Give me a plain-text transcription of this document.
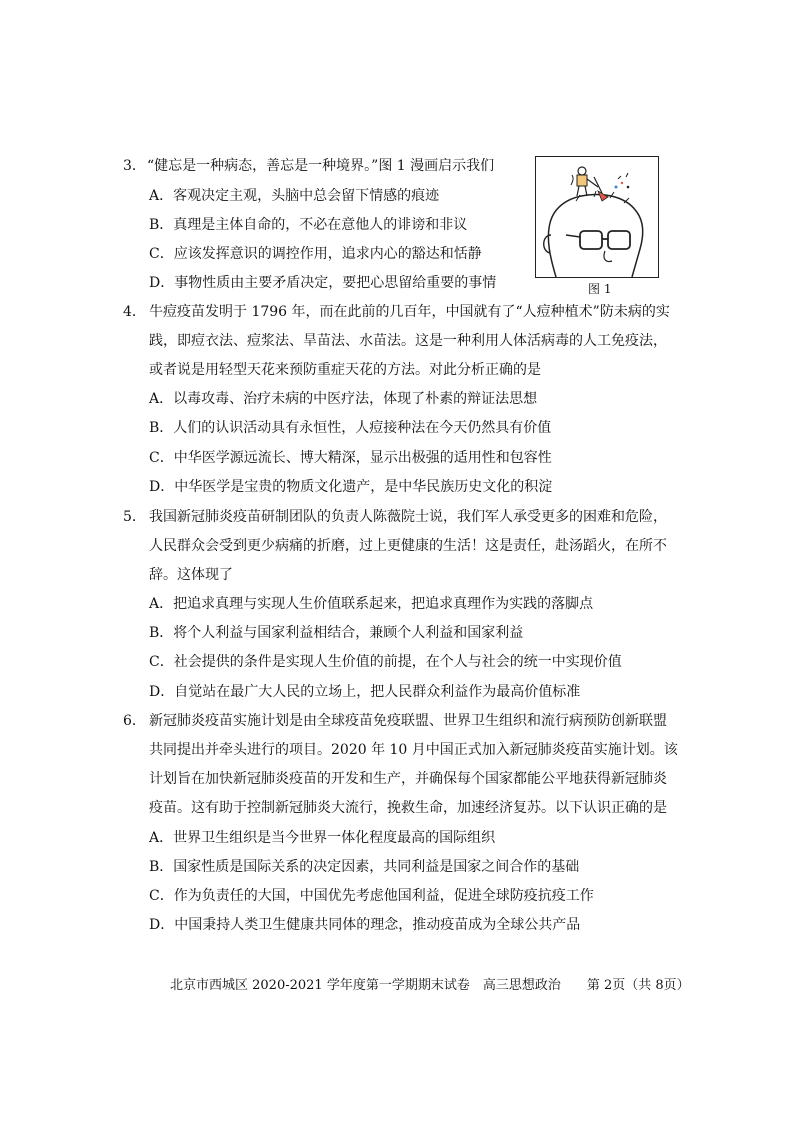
3． “健忘是一种病态，善忘是一种境界。”图 1 漫画启示我们
A．客观决定主观，头脑中总会留下情感的痕迹
B．真理是主体自命的，不必在意他人的诽谤和非议
C．应该发挥意识的调控作用，追求内心的豁达和恬静
D．事物性质由主要矛盾决定，要把心思留给重要的事情	图 1
4． 牛痘疫苗发明于 1796 年，而在此前的几百年，中国就有了“人痘种植术”防未病的实
践，即痘衣法、痘浆法、旱苗法、水苗法。这是一种利用人体活病毒的人工免疫法，
或者说是用轻型天花来预防重症天花的方法。对此分析正确的是
A．以毒攻毒、治疗未病的中医疗法，体现了朴素的辩证法思想
B．人们的认识活动具有永恒性，人痘接种法在今天仍然具有价值
C．中华医学源远流长、博大精深，显示出极强的适用性和包容性
D．中华医学是宝贵的物质文化遗产，是中华民族历史文化的积淀
5． 我国新冠肺炎疫苗研制团队的负责人陈薇院士说，我们军人承受更多的困难和危险，
人民群众会受到更少病痛的折磨，过上更健康的生活！这是责任，赴汤蹈火，在所不
辞。这体现了
A．把追求真理与实现人生价值联系起来，把追求真理作为实践的落脚点
B．将个人利益与国家利益相结合，兼顾个人利益和国家利益
C．社会提供的条件是实现人生价值的前提，在个人与社会的统一中实现价值
D．自觉站在最广大人民的立场上，把人民群众利益作为最高价值标准
6． 新冠肺炎疫苗实施计划是由全球疫苗免疫联盟、世界卫生组织和流行病预防创新联盟
共同提出并牵头进行的项目。2020 年 10 月中国正式加入新冠肺炎疫苗实施计划。该
计划旨在加快新冠肺炎疫苗的开发和生产，并确保每个国家都能公平地获得新冠肺炎
疫苗。这有助于控制新冠肺炎大流行，挽救生命，加速经济复苏。以下认识正确的是
A．世界卫生组织是当今世界一体化程度最高的国际组织
B．国家性质是国际关系的决定因素，共同利益是国家之间合作的基础
C．作为负责任的大国，中国优先考虑他国利益，促进全球防疫抗疫工作
D．中国秉持人类卫生健康共同体的理念，推动疫苗成为全球公共产品
北京市西城区 2020-2021 学年度第一学期期末试卷　高三思想政治　　第 2页（共 8页）
